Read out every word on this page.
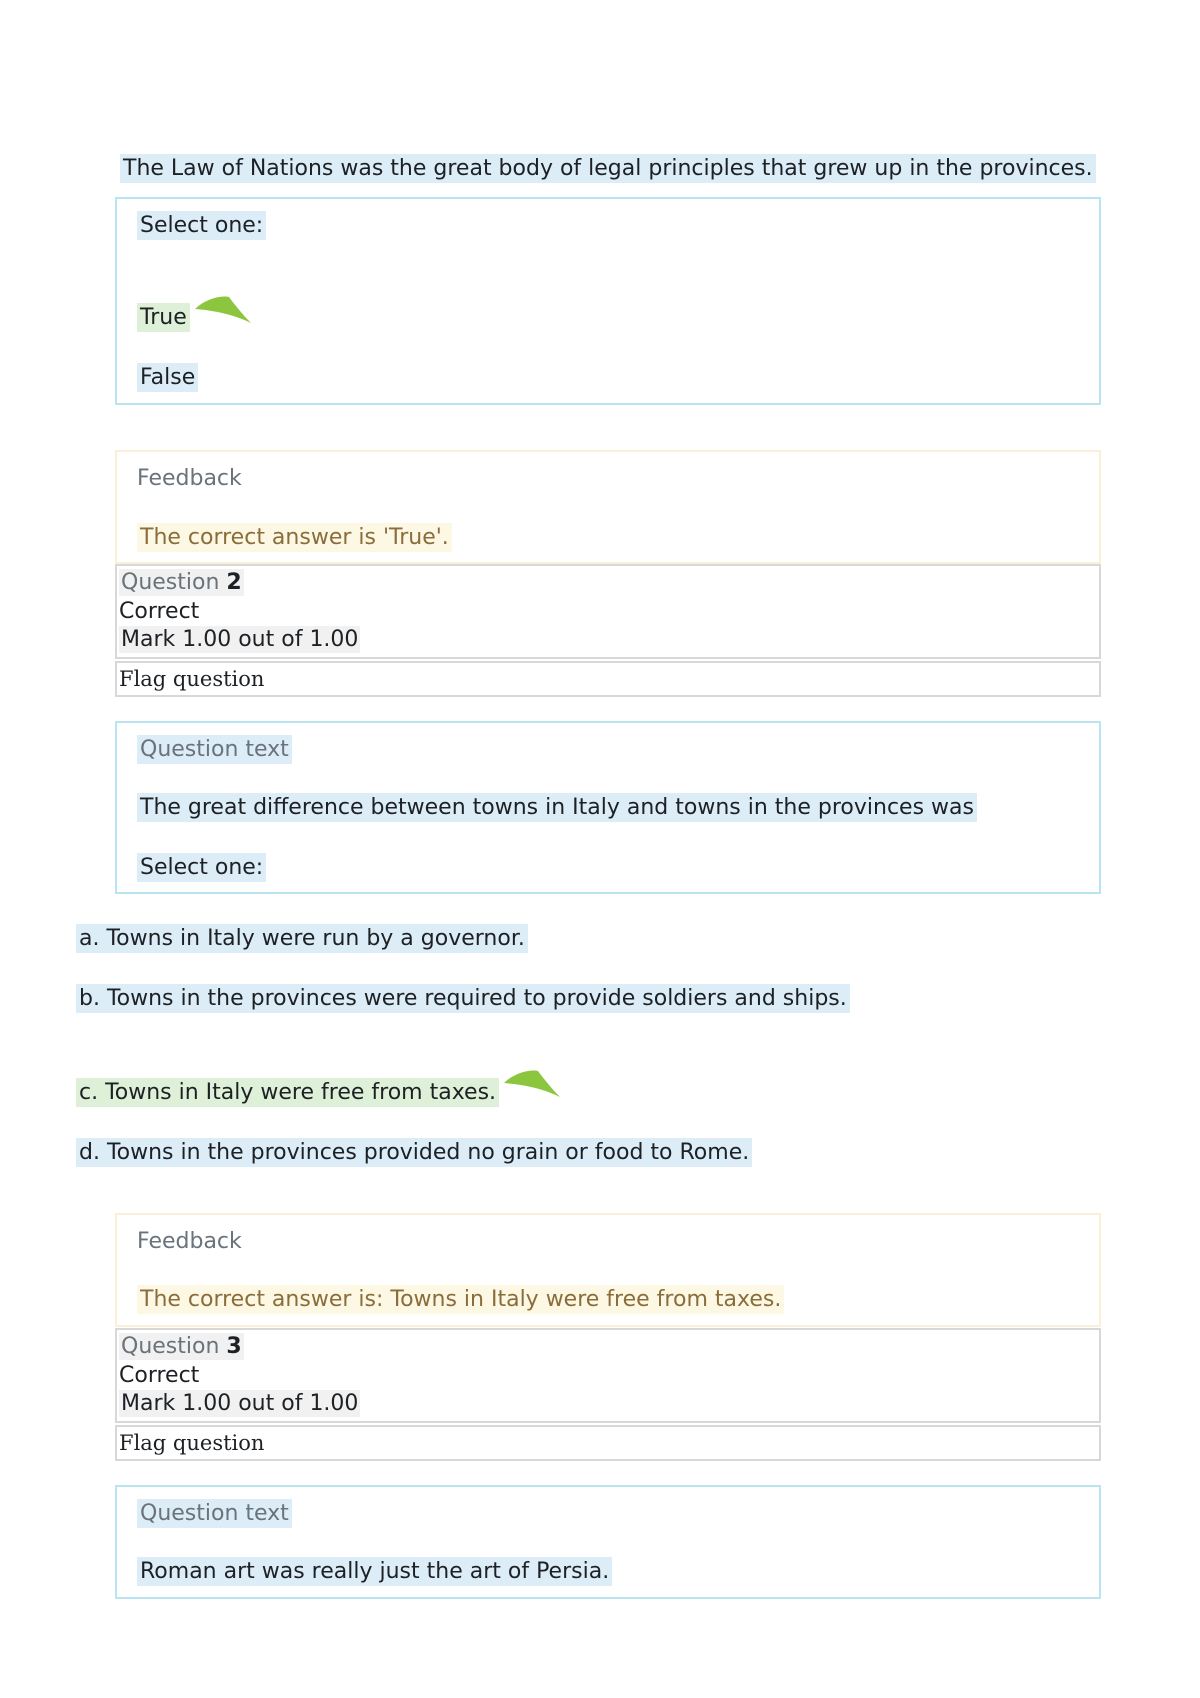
The Law of Nations was the great body of legal principles that grew up in the provinces.
Select one:
True
False
Feedback
The correct answer is 'True'.
Question 2
Correct
Mark 1.00 out of 1.00
Flag question
Question text
The great difference between towns in Italy and towns in the provinces was
Select one:
a. Towns in Italy were run by a governor.
b. Towns in the provinces were required to provide soldiers and ships.
c. Towns in Italy were free from taxes.
d. Towns in the provinces provided no grain or food to Rome.
Feedback
The correct answer is: Towns in Italy were free from taxes.
Question 3
Correct
Mark 1.00 out of 1.00
Flag question
Question text
Roman art was really just the art of Persia.
